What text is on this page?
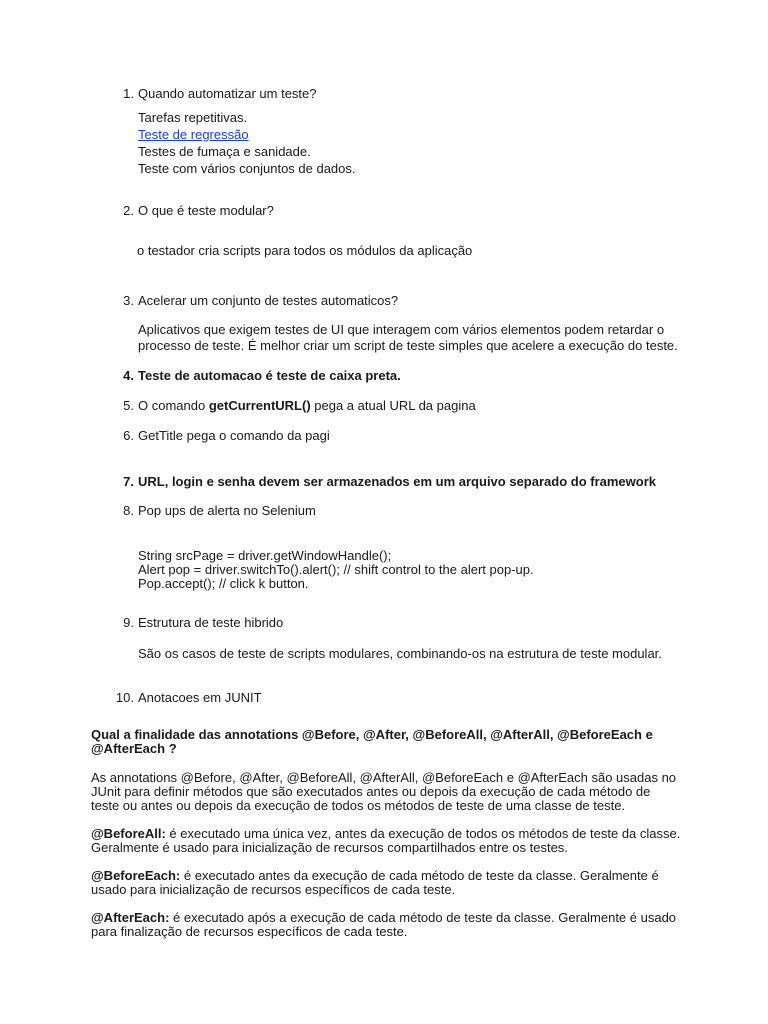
1. Quando automatizar um teste?
Tarefas repetitivas.
Teste de regressão
Testes de fumaça e sanidade.
Teste com vários conjuntos de dados.
2. O que é teste modular?
o testador cria scripts para todos os módulos da aplicação
3. Acelerar um conjunto de testes automaticos?
Aplicativos que exigem testes de UI que interagem com vários elementos podem retardar o
processo de teste. É melhor criar um script de teste simples que acelere a execução do teste.
4. Teste de automacao é teste de caixa preta.
5. O comando getCurrentURL() pega a atual URL da pagina
6. GetTitle pega o comando da pagi
7. URL, login e senha devem ser armazenados em um arquivo separado do framework
8. Pop ups de alerta no Selenium
String srcPage = driver.getWindowHandle();
Alert pop = driver.switchTo().alert(); // shift control to the alert pop-up.
Pop.accept(); // click k button.
9. Estrutura de teste hibrido
São os casos de teste de scripts modulares, combinando-os na estrutura de teste modular.
10. Anotacoes em JUNIT
Qual a finalidade das annotations @Before, @After, @BeforeAll, @AfterAll, @BeforeEach e
@AfterEach ?
As annotations @Before, @After, @BeforeAll, @AfterAll, @BeforeEach e @AfterEach são usadas no
JUnit para definir métodos que são executados antes ou depois da execução de cada método de
teste ou antes ou depois da execução de todos os métodos de teste de uma classe de teste.
@BeforeAll: é executado uma única vez, antes da execução de todos os métodos de teste da classe.
Geralmente é usado para inicialização de recursos compartilhados entre os testes.
@BeforeEach: é executado antes da execução de cada método de teste da classe. Geralmente é
usado para inicialização de recursos específicos de cada teste.
@AfterEach: é executado após a execução de cada método de teste da classe. Geralmente é usado
para finalização de recursos específicos de cada teste.
